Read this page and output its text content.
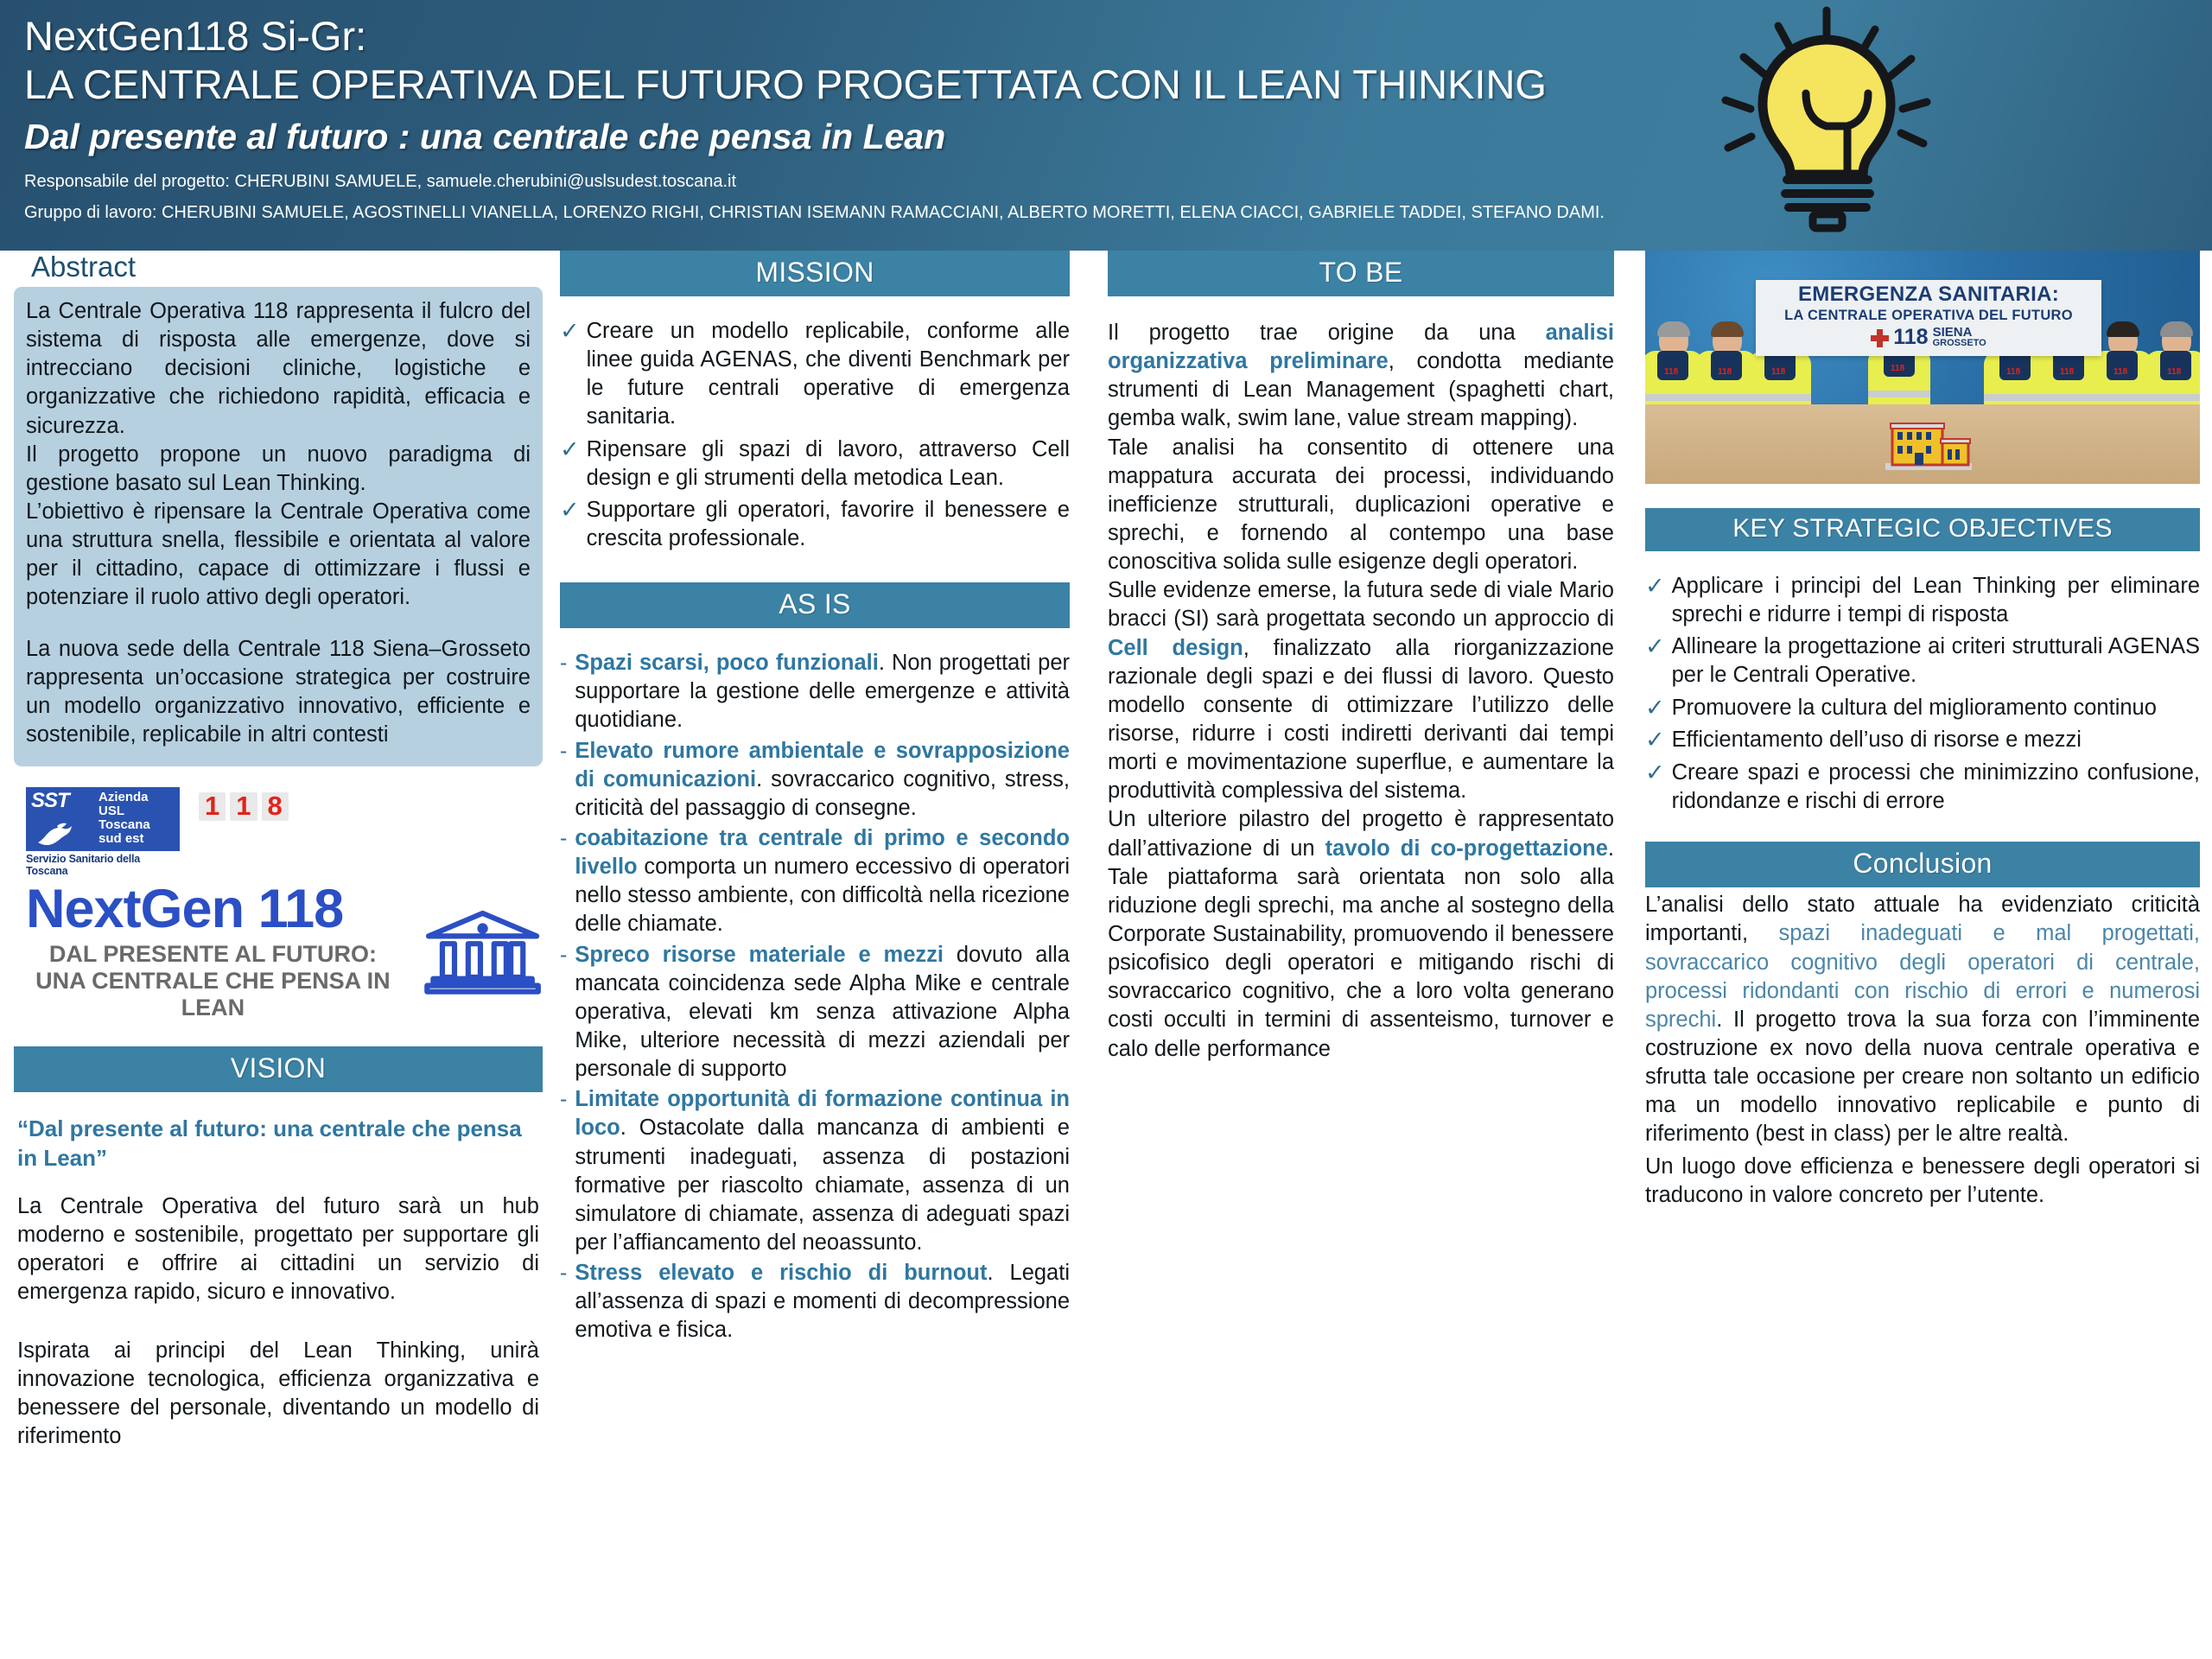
NextGen118 Si-Gr:
LA CENTRALE OPERATIVA DEL FUTURO PROGETTATA CON IL LEAN THINKING
Dal presente al futuro : una centrale che pensa in Lean
Responsabile del progetto: CHERUBINI SAMUELE, samuele.cherubini@uslsudest.toscana.it
Gruppo di lavoro: CHERUBINI SAMUELE, AGOSTINELLI VIANELLA, LORENZO RIGHI, CHRISTIAN ISEMANN RAMACCIANI, ALBERTO MORETTI, ELENA CIACCI, GABRIELE TADDEI, STEFANO DAMI.
Abstract

La Centrale Operativa 118 rappresenta il fulcro del sistema di risposta alle emergenze, dove si intrecciano decisioni cliniche, logistiche e organizzative che richiedono rapidità, efficacia e sicurezza.

Il progetto propone un nuovo paradigma di gestione basato sul Lean Thinking.

L’obiettivo è ripensare la Centrale Operativa come una struttura snella, flessibile e orientata al valore per il cittadino, capace di ottimizzare i flussi e potenziare il ruolo attivo degli operatori.

La nuova sede della Centrale 118 Siena–Grosseto rappresenta un’occasione strategica per costruire un modello organizzativo innovativo, efficiente e sostenibile, replicabile in altri contesti

SST Azienda
USL
Toscana
sud est
Servizio Sanitario della Toscana
1 1 8
NextGen 118
DAL PRESENTE AL FUTURO:
UNA CENTRALE CHE PENSA IN LEAN
VISION
“Dal presente al futuro: una centrale che pensa in Lean”
La Centrale Operativa del futuro sarà un hub moderno e sostenibile, progettato per supportare gli operatori e offrire ai cittadini un servizio di emergenza rapido, sicuro e innovativo.
Ispirata ai principi del Lean Thinking, unirà innovazione tecnologica, efficienza organizzativa e benessere del personale, diventando un modello di riferimento
MISSION
✓ Creare un modello replicabile, conforme alle linee guida AGENAS, che diventi Benchmark per le future centrali operative di emergenza sanitaria.
✓ Ripensare gli spazi di lavoro, attraverso Cell design e gli strumenti della metodica Lean.
✓ Supportare gli operatori, favorire il benessere e crescita professionale.
AS IS
- Spazi scarsi, poco funzionali. Non progettati per supportare la gestione delle emergenze e attività quotidiane.
- Elevato rumore ambientale e sovrapposizione di comunicazioni. sovraccarico cognitivo, stress, criticità del passaggio di consegne.
- coabitazione tra centrale di primo e secondo livello comporta un numero eccessivo di operatori nello stesso ambiente, con difficoltà nella ricezione delle chiamate.
- Spreco risorse materiale e mezzi dovuto alla mancata coincidenza sede Alpha Mike e centrale operativa, elevati km senza attivazione Alpha Mike, ulteriore necessità di mezzi aziendali per personale di supporto
- Limitate opportunità di formazione continua in loco. Ostacolate dalla mancanza di ambienti e strumenti inadeguati, assenza di postazioni formative per riascolto chiamate, assenza di un simulatore di chiamate, assenza di adeguati spazi per l’affiancamento del neoassunto.
- Stress elevato e rischio di burnout. Legati all’assenza di spazi e momenti di decompressione emotiva e fisica.
TO BE

Il progetto trae origine da una analisi organizzativa preliminare, condotta mediante strumenti di Lean Management (spaghetti chart, gemba walk, swim lane, value stream mapping).

Tale analisi ha consentito di ottenere una mappatura accurata dei processi, individuando inefficienze strutturali, duplicazioni operative e sprechi, e fornendo al contempo una base conoscitiva solida sulle esigenze degli operatori.

Sulle evidenze emerse, la futura sede di viale Mario bracci (SI) sarà progettata secondo un approccio di Cell design, finalizzato alla riorganizzazione razionale degli spazi e dei flussi di lavoro. Questo modello consente di ottimizzare l’utilizzo delle risorse, ridurre i costi indiretti derivanti dai tempi morti e movimentazione superflue, e aumentare la produttività complessiva del sistema.

Un ulteriore pilastro del progetto è rappresentato dall’attivazione di un tavolo di co-progettazione. Tale piattaforma sarà orientata non solo alla riduzione degli sprechi, ma anche al sostegno della Corporate Sustainability, promuovendo il benessere psicofisico degli operatori e mitigando rischi di sovraccarico cognitivo, che a loro volta generano costi occulti in termini di assenteismo, turnover e calo delle performance

118	118	118	118	118	118	118	118
EMERGENZA SANITARIA:
LA CENTRALE OPERATIVA DEL FUTURO
118 SIENA
GROSSETO
KEY STRATEGIC OBJECTIVES
✓ Applicare i principi del Lean Thinking per eliminare sprechi e ridurre i tempi di risposta
✓ Allineare la progettazione ai criteri strutturali AGENAS per le Centrali Operative.
✓ Promuovere la cultura del miglioramento continuo
✓ Efficientamento dell’uso di risorse e mezzi
✓ Creare spazi e processi che minimizzino confusione, ridondanze e rischi di errore
Conclusion

L’analisi dello stato attuale ha evidenziato criticità importanti, spazi inadeguati e mal progettati, sovraccarico cognitivo degli operatori di centrale, processi ridondanti con rischio di errori e numerosi sprechi. Il progetto trova la sua forza con l’imminente costruzione ex novo della nuova centrale operativa e sfrutta tale occasione per creare non soltanto un edificio ma un modello innovativo replicabile e punto di riferimento (best in class) per le altre realtà.

Un luogo dove efficienza e benessere degli operatori si traducono in valore concreto per l’utente.
